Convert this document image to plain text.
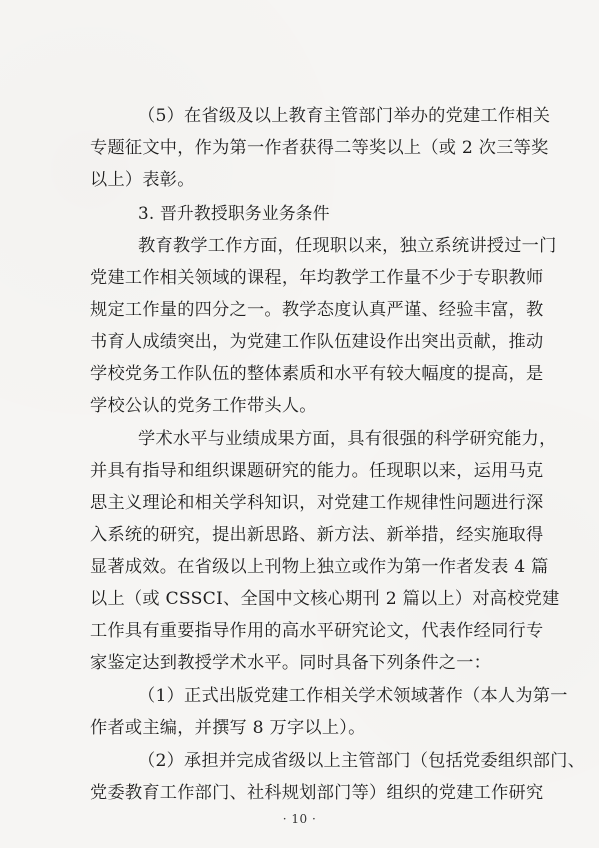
（5）在省级及以上教育主管部门举办的党建工作相关
专题征文中，作为第一作者获得二等奖以上（或 2 次三等奖
以上）表彰。
3. 晋升教授职务业务条件
教育教学工作方面，任现职以来，独立系统讲授过一门
党建工作相关领域的课程，年均教学工作量不少于专职教师
规定工作量的四分之一。教学态度认真严谨、经验丰富，教
书育人成绩突出，为党建工作队伍建设作出突出贡献，推动
学校党务工作队伍的整体素质和水平有较大幅度的提高，是
学校公认的党务工作带头人。
学术水平与业绩成果方面，具有很强的科学研究能力，
并具有指导和组织课题研究的能力。任现职以来，运用马克
思主义理论和相关学科知识，对党建工作规律性问题进行深
入系统的研究，提出新思路、新方法、新举措，经实施取得
显著成效。在省级以上刊物上独立或作为第一作者发表 4 篇
以上（或 CSSCI、全国中文核心期刊 2 篇以上）对高校党建
工作具有重要指导作用的高水平研究论文，代表作经同行专
家鉴定达到教授学术水平。同时具备下列条件之一：
· 10 ·
（1）正式出版党建工作相关学术领域著作（本人为第一
作者或主编，并撰写 8 万字以上）。
（2）承担并完成省级以上主管部门（包括党委组织部门、
党委教育工作部门、社科规划部门等）组织的党建工作研究
